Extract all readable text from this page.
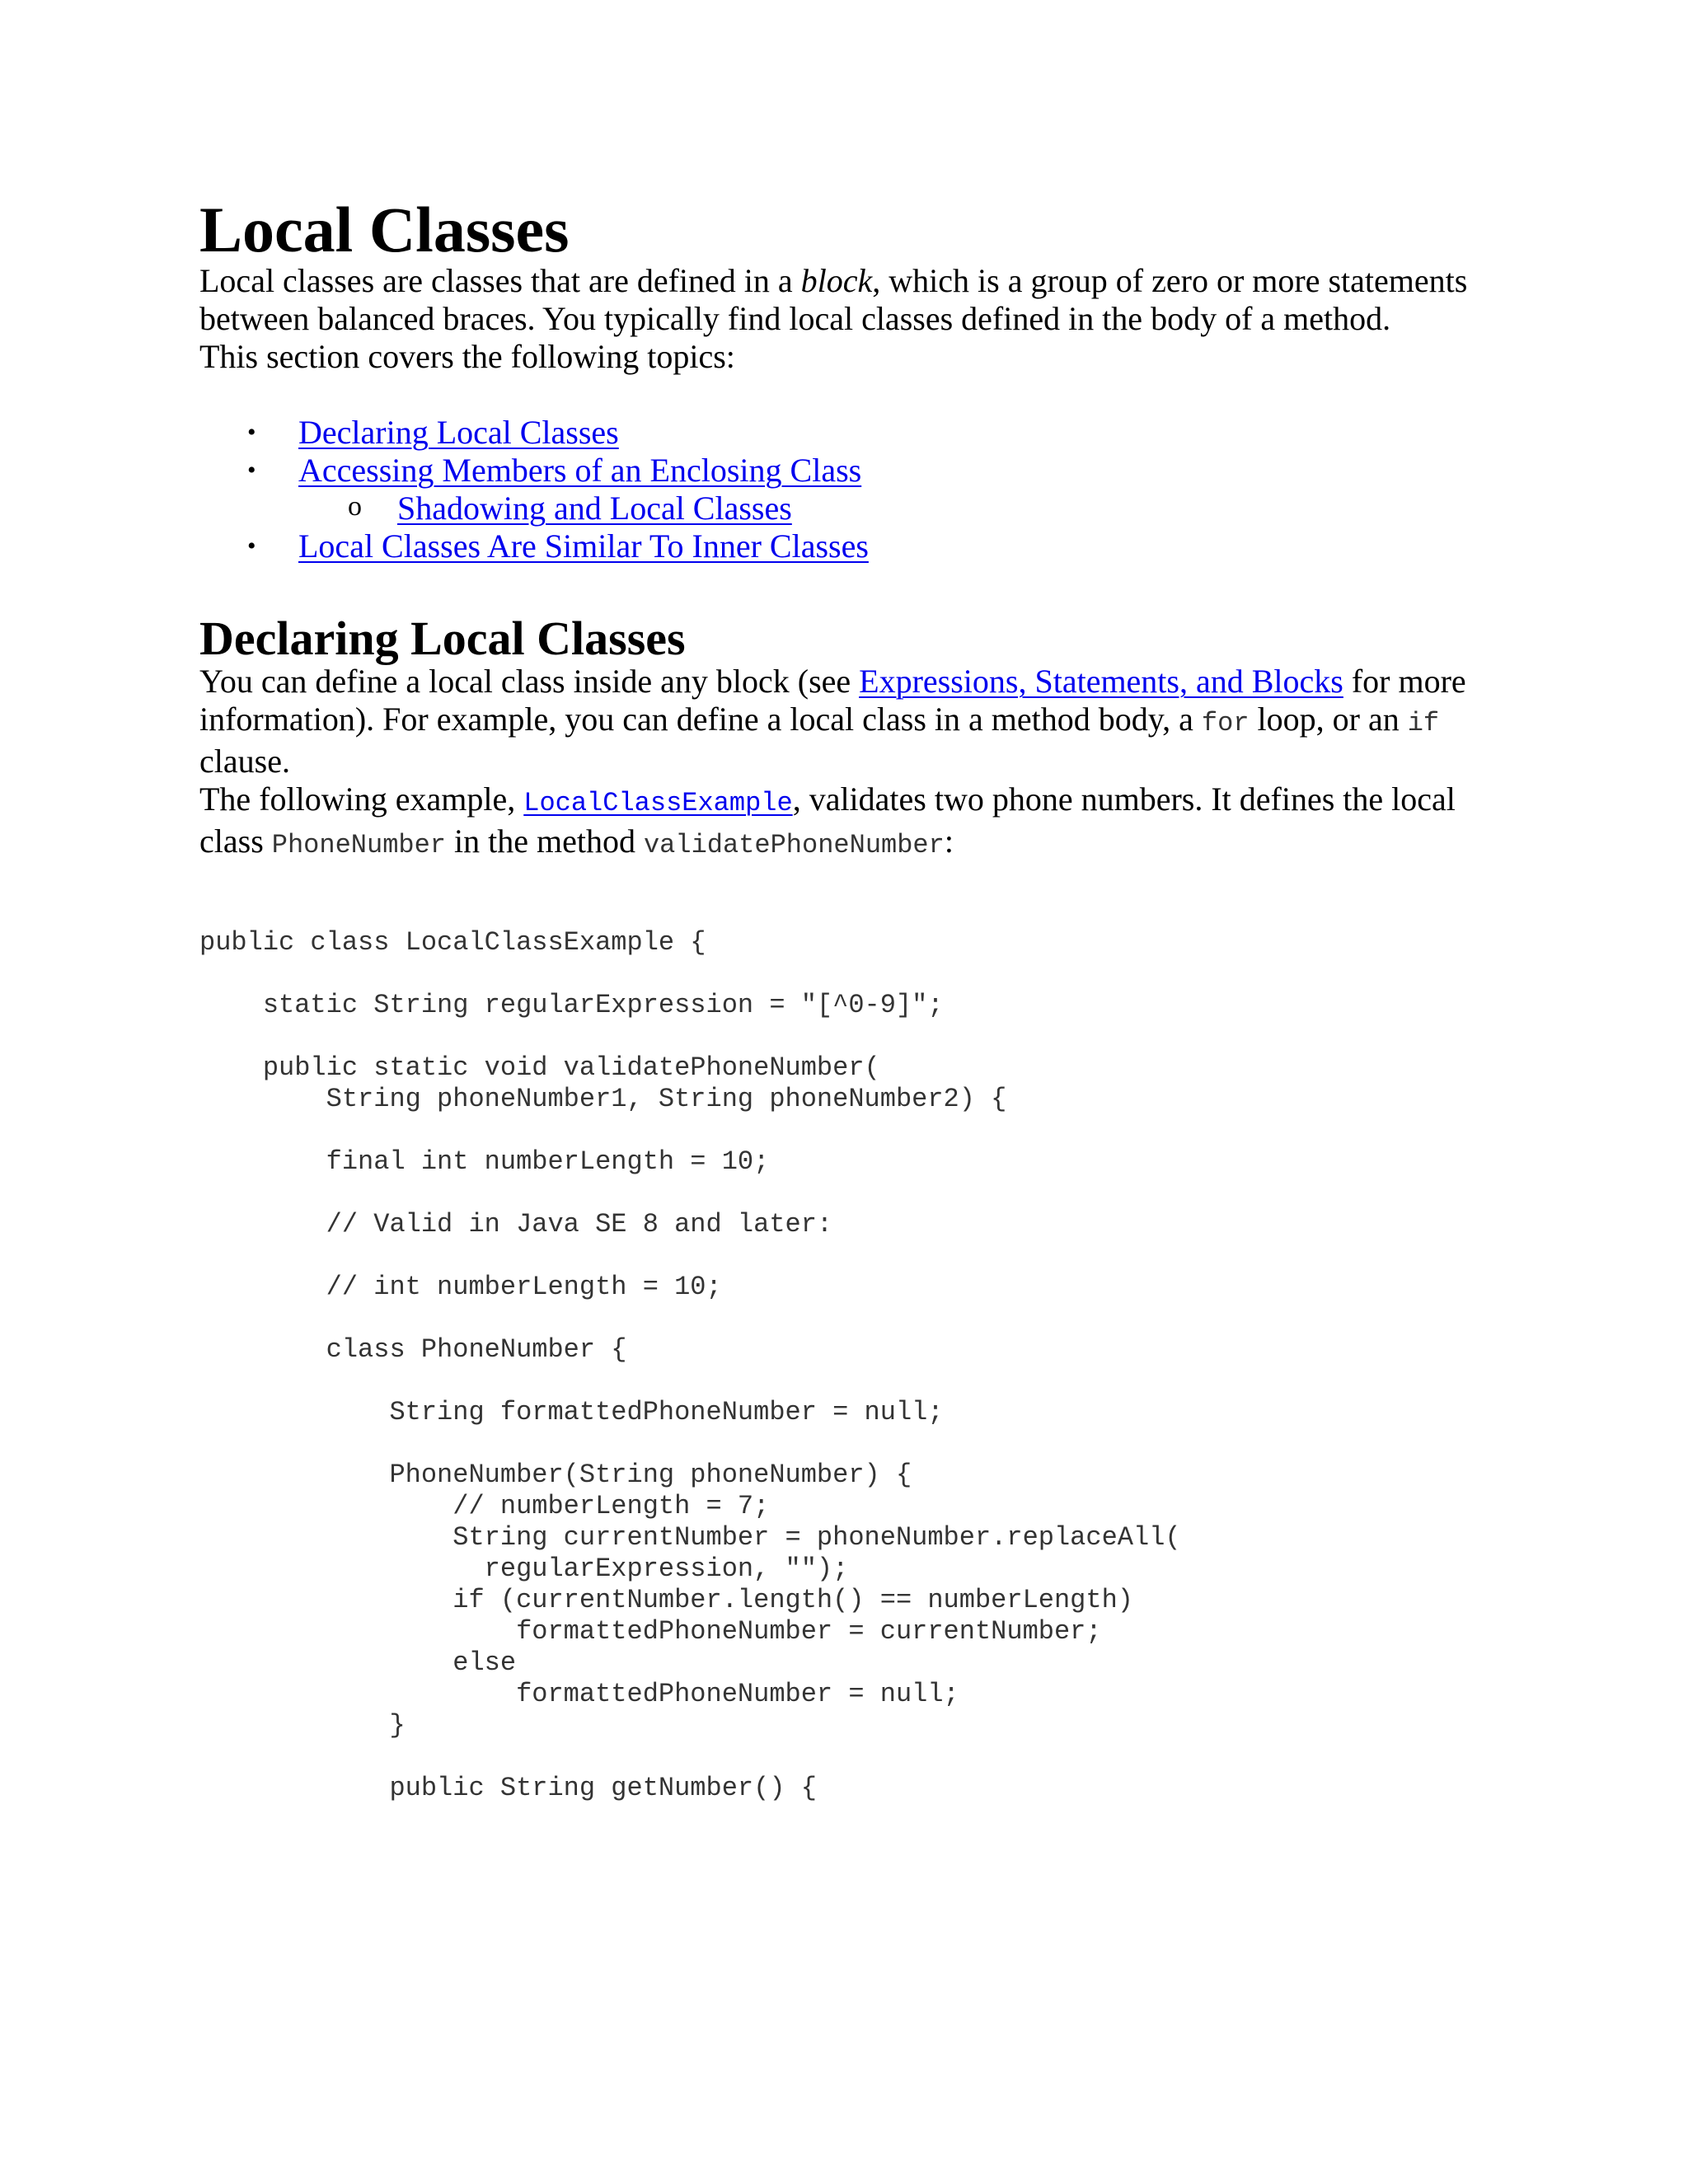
Local Classes

Local classes are classes that are defined in a block, which is a group of zero or more statements between balanced braces. You typically find local classes defined in the body of a method.

This section covers the following topics:

• Declaring Local Classes
• Accessing Members of an Enclosing Class
o Shadowing and Local Classes
• Local Classes Are Similar To Inner Classes
Declaring Local Classes

You can define a local class inside any block (see Expressions, Statements, and Blocks for more information). For example, you can define a local class in a method body, a for loop, or an if clause.

The following example, LocalClassExample, validates two phone numbers. It defines the local class PhoneNumber in the method validatePhoneNumber:

public class LocalClassExample {

static String regularExpression = "[^0-9]";

public static void validatePhoneNumber(
String phoneNumber1, String phoneNumber2) {

final int numberLength = 10;

// Valid in Java SE 8 and later:

// int numberLength = 10;

class PhoneNumber {

String formattedPhoneNumber = null;

PhoneNumber(String phoneNumber) {
// numberLength = 7;
String currentNumber = phoneNumber.replaceAll(
regularExpression, "");
if (currentNumber.length() == numberLength)
formattedPhoneNumber = currentNumber;
else
formattedPhoneNumber = null;
}

public String getNumber() {
